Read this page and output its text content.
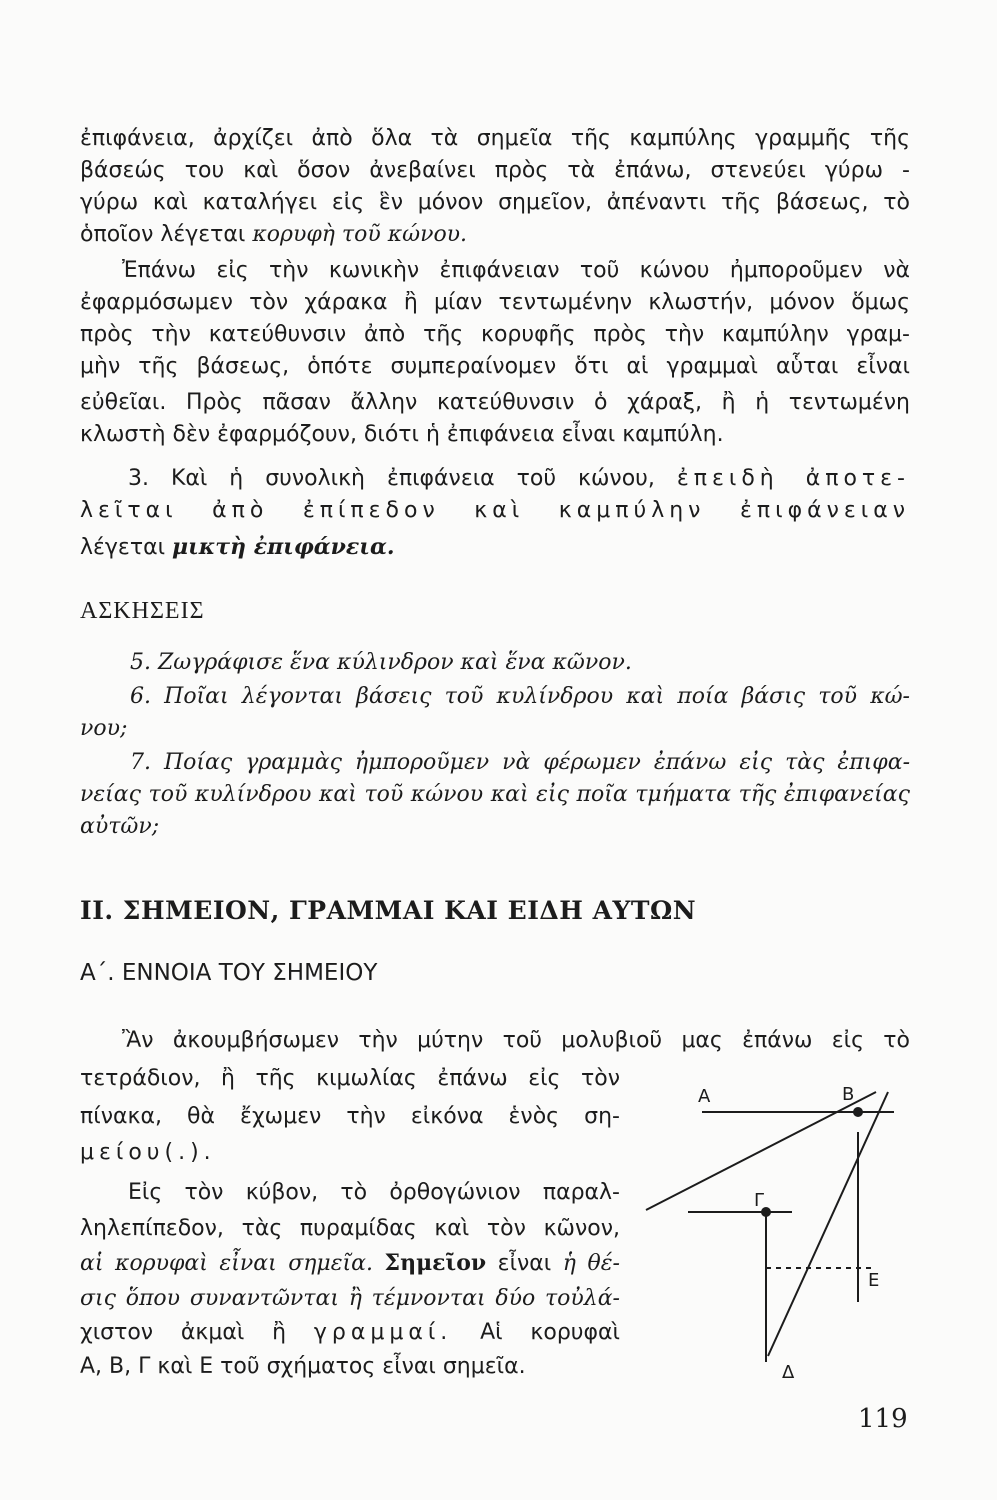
ἐπιφάνεια, ἀρχίζει ἀπὸ ὅλα τὰ σημεῖα τῆς καμπύλης γραμμῆς τῆς
βάσεώς του καὶ ὅσον ἀνεβαίνει πρὸς τὰ ἐπάνω, στενεύει γύρω -
γύρω καὶ καταλήγει εἰς ἓν μόνον σημεῖον, ἀπέναντι τῆς βάσεως, τὸ
ὁποῖον λέγεται κορυφὴ τοῦ κώνου.
Ἐπάνω εἰς τὴν κωνικὴν ἐπιφάνειαν τοῦ κώνου ἠμποροῦμεν νὰ
ἐφαρμόσωμεν τὸν χάρακα ἢ μίαν τεντωμένην κλωστήν, μόνον ὅμως
πρὸς τὴν κατεύθυνσιν ἀπὸ τῆς κορυφῆς πρὸς τὴν καμπύλην γραμ-
μὴν τῆς βάσεως, ὁπότε συμπεραίνομεν ὅτι αἱ γραμμαὶ αὗται εἶναι
εὐθεῖαι. Πρὸς πᾶσαν ἄλλην κατεύθυνσιν ὁ χάραξ, ἢ ἡ τεντωμένη
κλωστὴ δὲν ἐφαρμόζουν, διότι ἡ ἐπιφάνεια εἶναι καμπύλη.
3. Καὶ ἡ συνολικὴ ἐπιφάνεια τοῦ κώνου, ἐπειδὴ ἀποτε-
λεῖται ἀπὸ ἐπίπεδον καὶ καμπύλην ἐπιφάνειαν
λέγεται μικτὴ ἐπιφάνεια.
ΑΣΚΗΣΕΙΣ
5. Ζωγράφισε ἕνα κύλινδρον καὶ ἕνα κῶνον.
6. Ποῖαι λέγονται βάσεις τοῦ κυλίνδρου καὶ ποία βάσις τοῦ κώ-
νου;
7. Ποίας γραμμὰς ἠμποροῦμεν νὰ φέρωμεν ἐπάνω εἰς τὰς ἐπιφα-
νείας τοῦ κυλίνδρου καὶ τοῦ κώνου καὶ εἰς ποῖα τμήματα τῆς ἐπιφανείας
αὐτῶν;
II. ΣΗΜΕΙΟΝ, ΓΡΑΜΜΑΙ ΚΑΙ ΕΙΔΗ ΑΥΤΩΝ
Α΄. ΕΝΝΟΙΑ ΤΟΥ ΣΗΜΕΙΟΥ
Ἂν ἀκουμβήσωμεν τὴν μύτην τοῦ μολυβιοῦ μας ἐπάνω εἰς τὸ
τετράδιον, ἢ τῆς κιμωλίας ἐπάνω εἰς τὸν
πίνακα, θὰ ἔχωμεν τὴν εἰκόνα ἑνὸς ση-
μείου(.).
Εἰς τὸν κύβον, τὸ ὀρθογώνιον παραλ-
ληλεπίπεδον, τὰς πυραμίδας καὶ τὸν κῶνον,
αἱ κορυφαὶ εἶναι σημεῖα. Σημεῖον εἶναι ἡ θέ-
σις ὅπου συναντῶνται ἢ τέμνονται δύο τοὐλά-
χιστον ἀκμαὶ ἢ γραμμαί. Αἱ κορυφαὶ
Α, Β, Γ καὶ Ε τοῦ σχήματος εἶναι σημεῖα.
Α	Β
Γ
Ε
Δ
119
